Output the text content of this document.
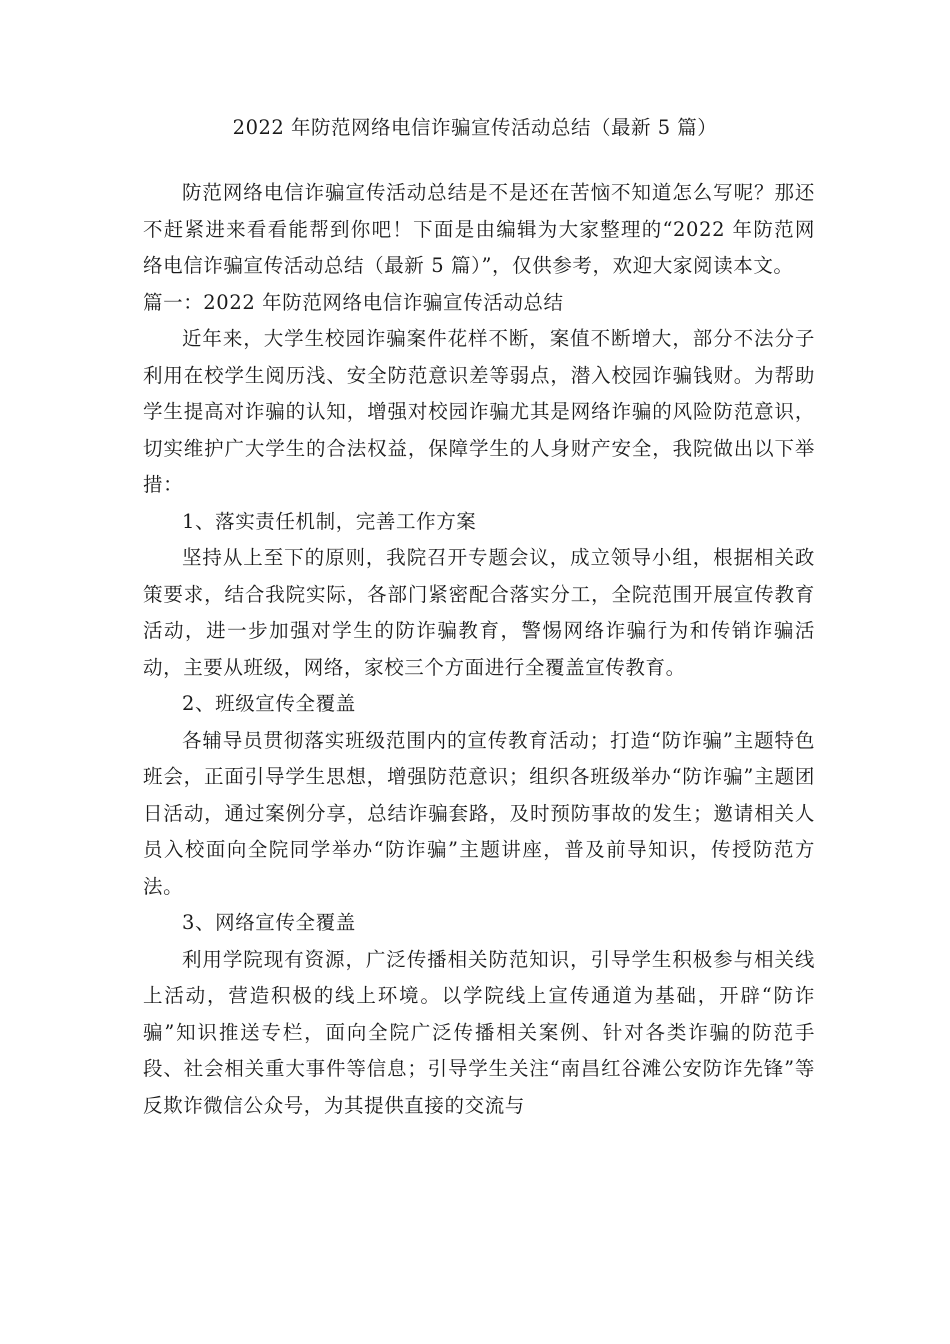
2022 年防范网络电信诈骗宣传活动总结（最新 5 篇）

防范网络电信诈骗宣传活动总结是不是还在苦恼不知道怎么写呢？那还不赶紧进来看看能帮到你吧！下面是由编辑为大家整理的“2022 年防范网络电信诈骗宣传活动总结（最新 5 篇）”，仅供参考，欢迎大家阅读本文。

篇一：2022 年防范网络电信诈骗宣传活动总结

近年来，大学生校园诈骗案件花样不断，案值不断增大，部分不法分子利用在校学生阅历浅、安全防范意识差等弱点，潜入校园诈骗钱财。为帮助学生提高对诈骗的认知，增强对校园诈骗尤其是网络诈骗的风险防范意识，切实维护广大学生的合法权益，保障学生的人身财产安全，我院做出以下举措：

1、落实责任机制，完善工作方案

坚持从上至下的原则，我院召开专题会议，成立领导小组，根据相关政策要求，结合我院实际，各部门紧密配合落实分工，全院范围开展宣传教育活动，进一步加强对学生的防诈骗教育，警惕网络诈骗行为和传销诈骗活动，主要从班级，网络，家校三个方面进行全覆盖宣传教育。

2、班级宣传全覆盖

各辅导员贯彻落实班级范围内的宣传教育活动；打造“防诈骗”主题特色班会，正面引导学生思想，增强防范意识；组织各班级举办“防诈骗”主题团日活动，通过案例分享，总结诈骗套路，及时预防事故的发生；邀请相关人员入校面向全院同学举办“防诈骗”主题讲座，普及前导知识，传授防范方法。

3、网络宣传全覆盖

利用学院现有资源，广泛传播相关防范知识，引导学生积极参与相关线上活动，营造积极的线上环境。以学院线上宣传通道为基础，开辟“防诈骗”知识推送专栏，面向全院广泛传播相关案例、针对各类诈骗的防范手段、社会相关重大事件等信息；引导学生关注“南昌红谷滩公安防诈先锋”等反欺诈微信公众号，为其提供直接的交流与
